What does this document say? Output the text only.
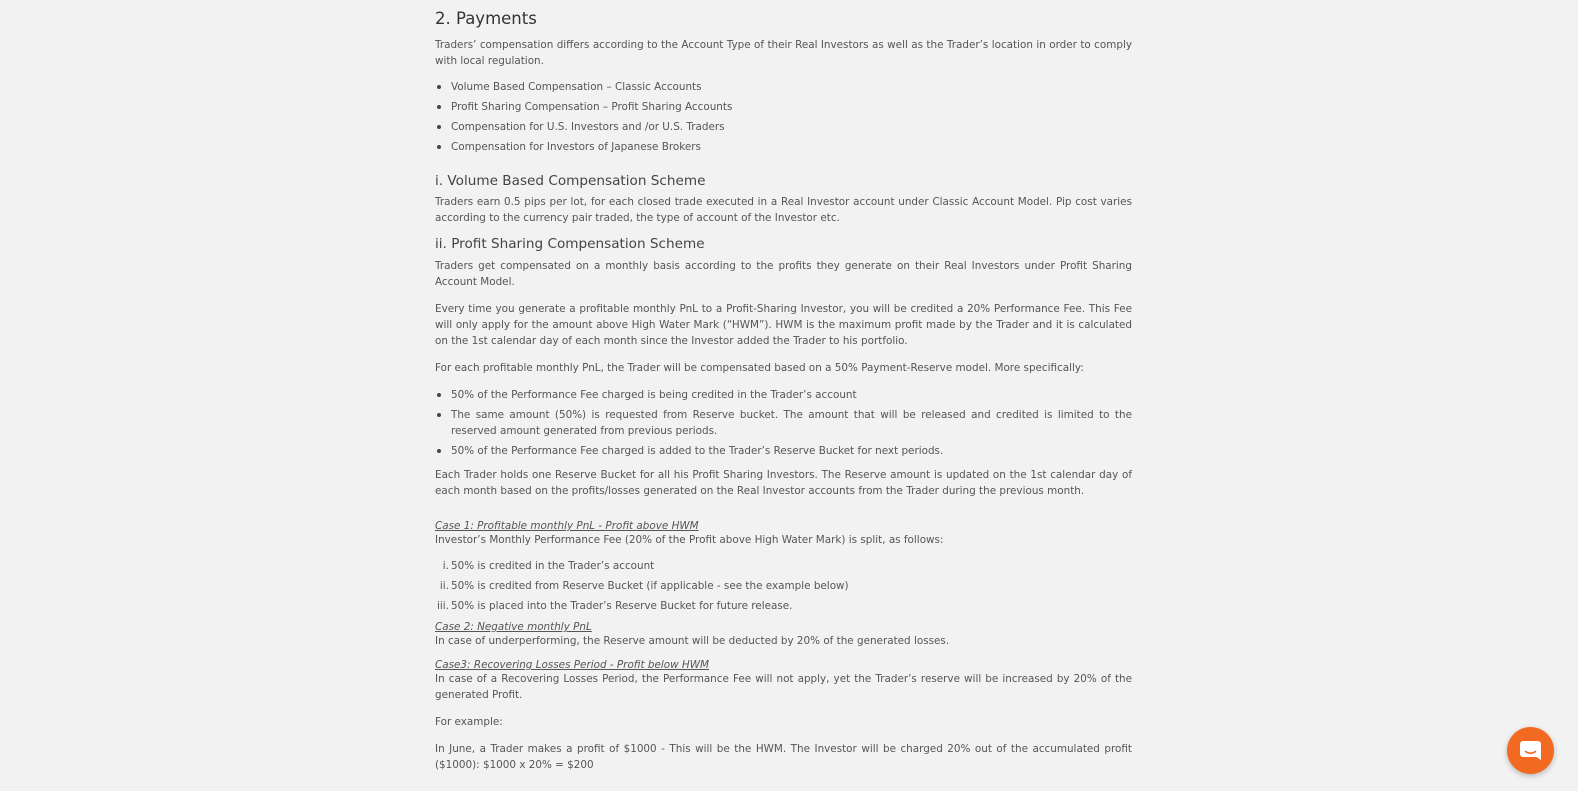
2. Payments

Traders’ compensation differs according to the Account Type of their Real Investors as well as the Trader’s location in order to comply with local regulation.

Volume Based Compensation – Classic Accounts
Profit Sharing Compensation – Profit Sharing Accounts
Compensation for U.S. Investors and /or U.S. Traders
Compensation for Investors of Japanese Brokers
i. Volume Based Compensation Scheme

Traders earn 0.5 pips per lot, for each closed trade executed in a Real Investor account under Classic Account Model. Pip cost varies according to the currency pair traded, the type of account of the Investor etc.

ii. Profit Sharing Compensation Scheme

Traders get compensated on a monthly basis according to the profits they generate on their Real Investors under Profit Sharing Account Model.

Every time you generate a profitable monthly PnL to a Profit-Sharing Investor, you will be credited a 20% Performance Fee. This Fee will only apply for the amount above High Water Mark (“HWM”). HWM is the maximum profit made by the Trader and it is calculated on the 1st calendar day of each month since the Investor added the Trader to his portfolio.

For each profitable monthly PnL, the Trader will be compensated based on a 50% Payment-Reserve model. More specifically:

50% of the Performance Fee charged is being credited in the Trader’s account
The same amount (50%) is requested from Reserve bucket. The amount that will be released and credited is limited to the reserved amount generated from previous periods.
50% of the Performance Fee charged is added to the Trader’s Reserve Bucket for next periods.

Each Trader holds one Reserve Bucket for all his Profit Sharing Investors. The Reserve amount is updated on the 1st calendar day of each month based on the profits/losses generated on the Real Investor accounts from the Trader during the previous month.

Case 1: Profitable monthly PnL - Profit above HWM

Investor’s Monthly Performance Fee (20% of the Profit above High Water Mark) is split, as follows:

i. 50% is credited in the Trader’s account
ii. 50% is credited from Reserve Bucket (if applicable - see the example below)
iii. 50% is placed into the Trader’s Reserve Bucket for future release.
Case 2: Negative monthly PnL

In case of underperforming, the Reserve amount will be deducted by 20% of the generated losses.

Case3: Recovering Losses Period - Profit below HWM

In case of a Recovering Losses Period, the Performance Fee will not apply, yet the Trader’s reserve will be increased by 20% of the generated Profit.

For example:

In June, a Trader makes a profit of $1000 - This will be the HWM. The Investor will be charged 20% out of the accumulated profit ($1000): $1000 x 20% = $200
